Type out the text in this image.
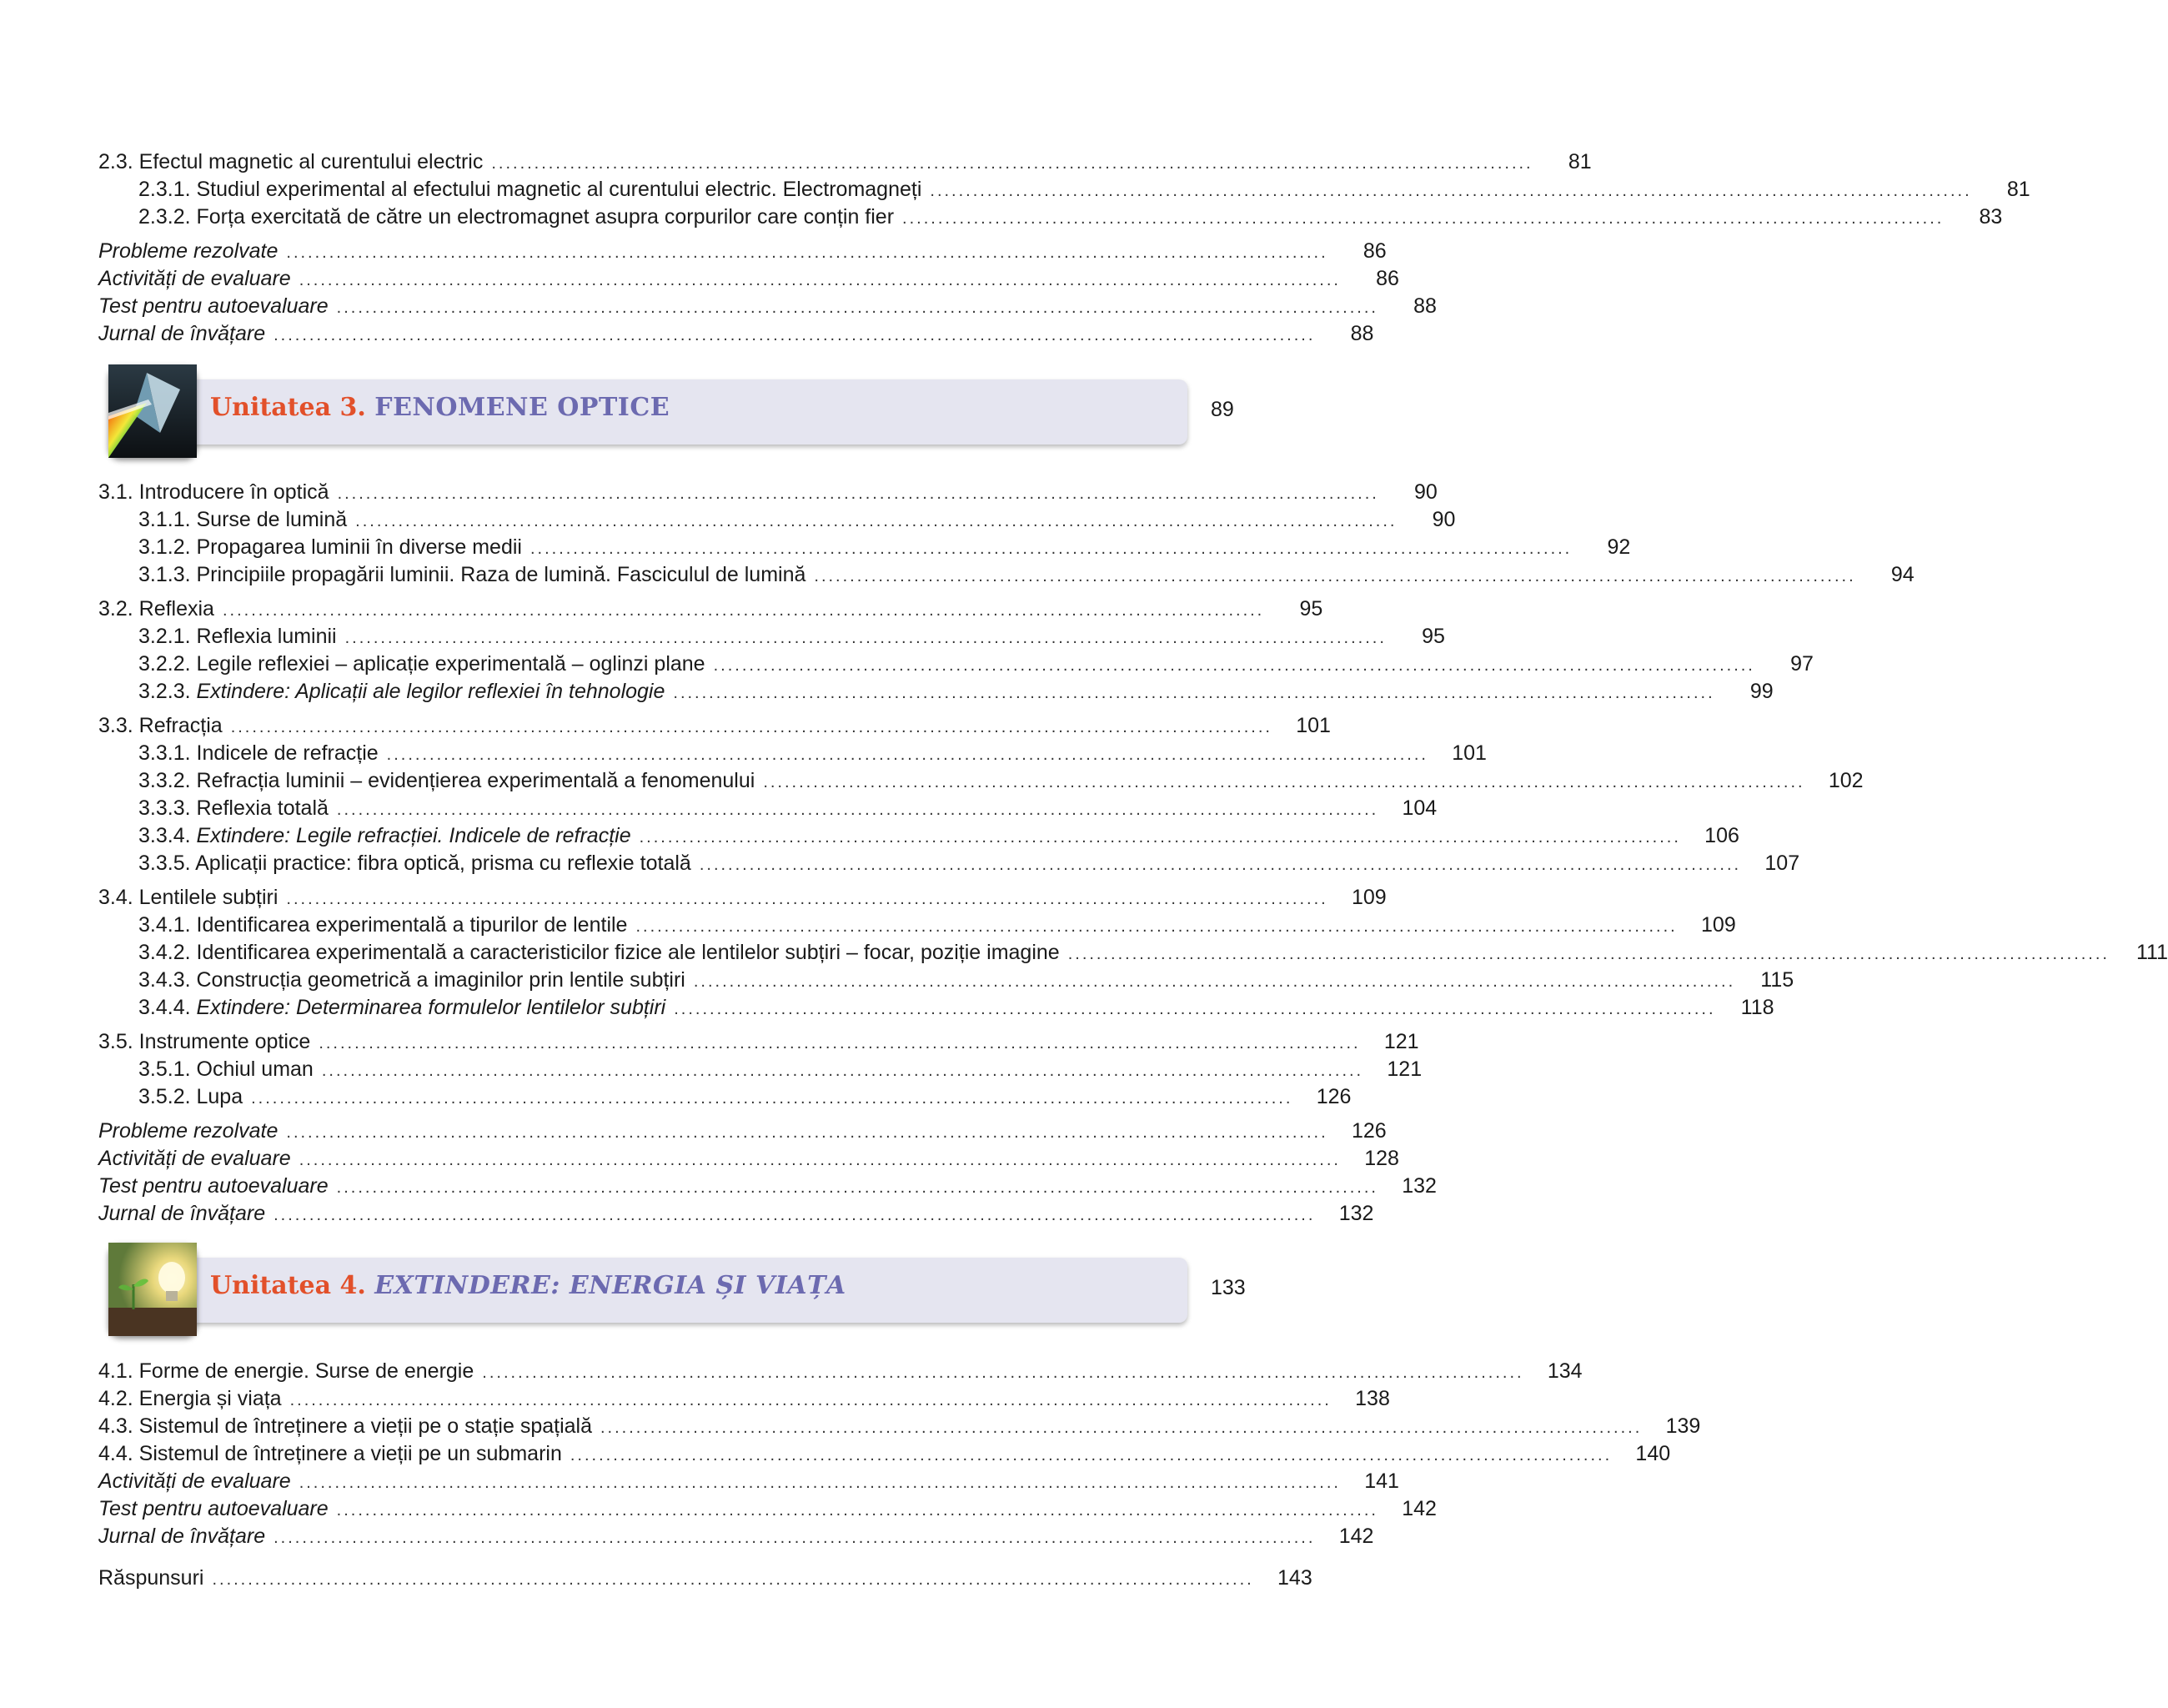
2.3. Efectul magnetic al curentului electric ..................................................................................................................................................	81
2.3.1. Studiul experimental al efectului magnetic al curentului electric. Electromagneți ..................................................................................................................................................	81
2.3.2. Forța exercitată de către un electromagnet asupra corpurilor care conțin fier ..................................................................................................................................................	83
Probleme rezolvate ..................................................................................................................................................	86
Activități de evaluare ..................................................................................................................................................	86
Test pentru autoevaluare ..................................................................................................................................................	88
Jurnal de învățare ..................................................................................................................................................	88
3.1. Introducere în optică ..................................................................................................................................................	90
3.1.1. Surse de lumină ..................................................................................................................................................	90
3.1.2. Propagarea luminii în diverse medii ..................................................................................................................................................	92
3.1.3. Principiile propagării luminii. Raza de lumină. Fasciculul de lumină ..................................................................................................................................................	94
3.2. Reflexia ..................................................................................................................................................	95
3.2.1. Reflexia luminii ..................................................................................................................................................	95
3.2.2. Legile reflexiei – aplicație experimentală – oglinzi plane ..................................................................................................................................................	97
3.2.3. Extindere: Aplicații ale legilor reflexiei în tehnologie ..................................................................................................................................................	99
3.3. Refracția ..................................................................................................................................................	101
3.3.1. Indicele de refracție ..................................................................................................................................................	101
3.3.2. Refracția luminii – evidențierea experimentală a fenomenului ..................................................................................................................................................	102
3.3.3. Reflexia totală ..................................................................................................................................................	104
3.3.4. Extindere: Legile refracției. Indicele de refracție ..................................................................................................................................................	106
3.3.5. Aplicații practice: fibra optică, prisma cu reflexie totală ..................................................................................................................................................	107
3.4. Lentilele subțiri ..................................................................................................................................................	109
3.4.1. Identificarea experimentală a tipurilor de lentile ..................................................................................................................................................	109
3.4.2. Identificarea experimentală a caracteristicilor fizice ale lentilelor subțiri – focar, poziție imagine ..................................................................................................................................................	111
3.4.3. Construcția geometrică a imaginilor prin lentile subțiri ..................................................................................................................................................	115
3.4.4. Extindere: Determinarea formulelor lentilelor subțiri ..................................................................................................................................................	118
3.5. Instrumente optice ..................................................................................................................................................	121
3.5.1. Ochiul uman ..................................................................................................................................................	121
3.5.2. Lupa ..................................................................................................................................................	126
Probleme rezolvate ..................................................................................................................................................	126
Activități de evaluare ..................................................................................................................................................	128
Test pentru autoevaluare ..................................................................................................................................................	132
Jurnal de învățare ..................................................................................................................................................	132
4.1. Forme de energie. Surse de energie ..................................................................................................................................................	134
4.2. Energia și viața ..................................................................................................................................................	138
4.3. Sistemul de întreținere a vieții pe o stație spațială ..................................................................................................................................................	139
4.4. Sistemul de întreținere a vieții pe un submarin ..................................................................................................................................................	140
Activități de evaluare ..................................................................................................................................................	141
Test pentru autoevaluare ..................................................................................................................................................	142
Jurnal de învățare ..................................................................................................................................................	142
Răspunsuri ..................................................................................................................................................	143
Unitatea 3. FENOMENE OPTICE	89
Unitatea 4. EXTINDERE: ENERGIA ȘI VIAȚA	133
